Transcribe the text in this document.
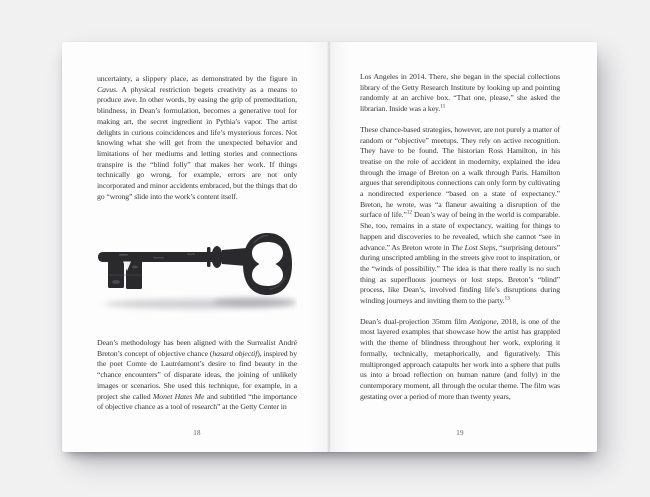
uncertainty, a slippery place, as demonstrated by the figure in Cavus. A physical restriction begets creativity as a means to produce awe. In other words, by easing the grip of premeditation, blindness, in Dean’s formulation, becomes a generative tool for making art, the secret ingredient in Pythia’s vapor. The artist delights in curious coincidences and life’s mysterious forces. Not knowing what she will get from the unexpected behavior and limitations of her mediums and letting stories and connections transpire is the “blind folly” that makes her work. If things technically go wrong, for example, errors are not only incorporated and minor accidents embraced, but the things that do go “wrong” slide into the work’s content itself.
Dean’s methodology has been aligned with the Surrealist André Breton’s concept of objective chance (hasard objectif), inspired by the poet Comte de Lautréamont’s desire to find beauty in the “chance encounters” of disparate ideas, the joining of unlikely images or scenarios. She used this technique, for example, in a project she called Monet Hates Me and subtitled “the importance of objective chance as a tool of research” at the Getty Center in
18

Los Angeles in 2014. There, she began in the special collections library of the Getty Research Institute by looking up and pointing randomly at an archive box. “That one, please,” she asked the librarian. Inside was a key.$^{11}$

These chance-based strategies, however, are not purely a matter of random or “objective” meetups. They rely on active recognition. They have to be found. The historian Ross Hamilton, in his treatise on the role of accident in modernity, explained the idea through the image of Breton on a walk through Paris. Hamilton argues that serendipitous connections can only form by cultivating a nondirected experience “based on a state of expectancy.” Breton, he wrote, was “a flaneur awaiting a disruption of the surface of life.”$^{12}$ Dean’s way of being in the world is comparable. She, too, remains in a state of expectancy, waiting for things to happen and discoveries to be revealed, which she cannot “see in advance.” As Breton wrote in The Lost Steps, “surprising detours” during unscripted ambling in the streets give root to inspiration, or the “winds of possibility.” The idea is that there really is no such thing as superfluous journeys or lost steps. Breton’s “blind” process, like Dean’s, involved finding life’s disruptions during winding journeys and inviting them to the party.$^{13}$

Dean’s dual-projection 35mm film Antigone, 2018, is one of the most layered examples that showcase how the artist has grappled with the theme of blindness throughout her work, exploring it formally, technically, metaphorically, and figuratively. This multipronged approach catapults her work into a sphere that pulls us into a broad reflection on human nature (and folly) in the contemporary moment, all through the ocular theme. The film was gestating over a period of more than twenty years,

19
